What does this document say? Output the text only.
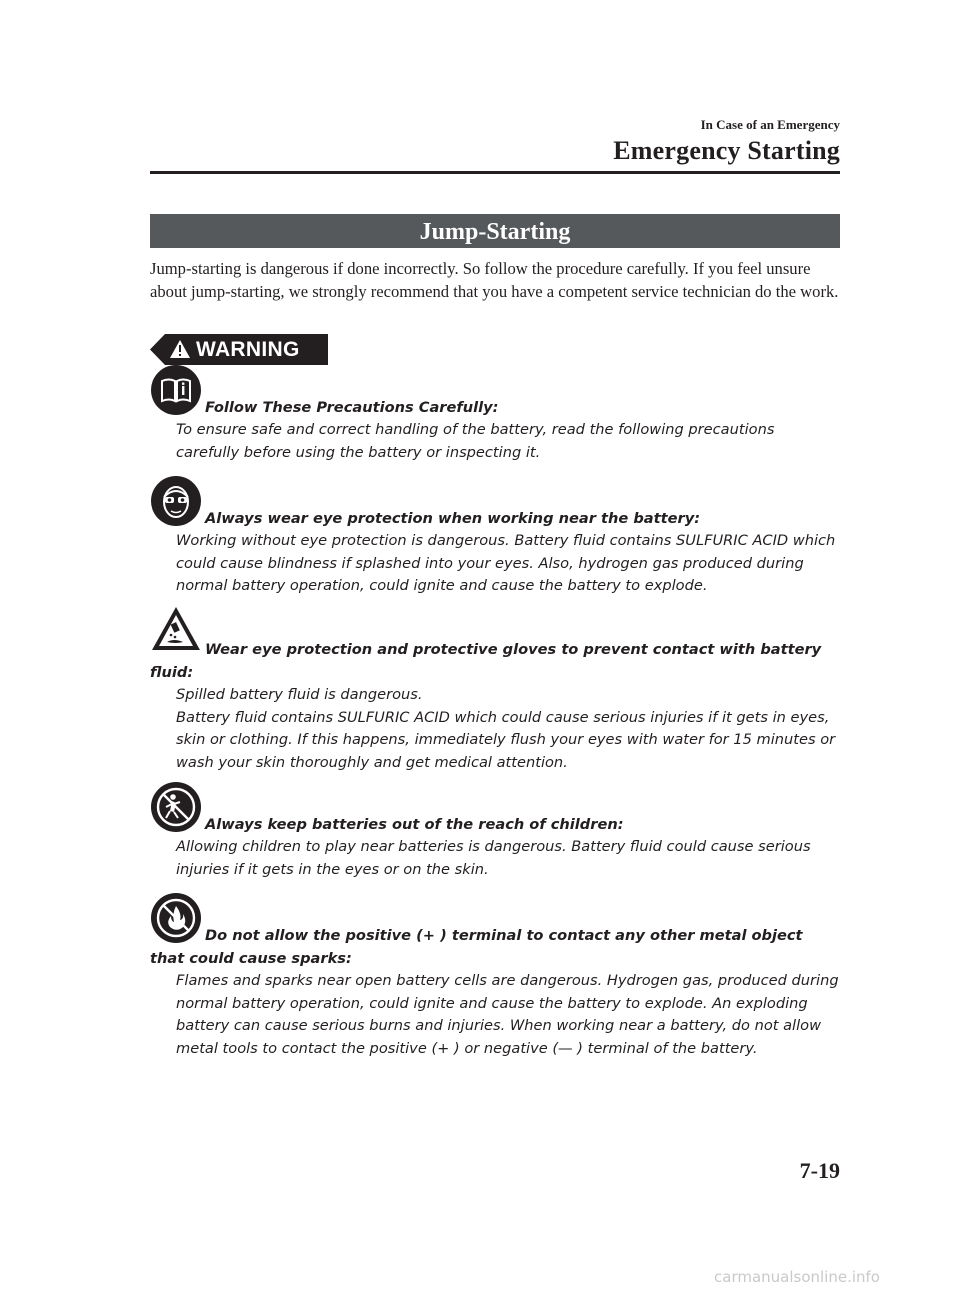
In Case of an Emergency
Emergency Starting
Jump-Starting
Jump-starting is dangerous if done incorrectly. So follow the procedure carefully. If you feel unsure about jump-starting, we strongly recommend that you have a competent service technician do the work.
WARNING
Follow These Precautions Carefully:

To ensure safe and correct handling of the battery, read the following precautions carefully before using the battery or inspecting it.

Always wear eye protection when working near the battery:

Working without eye protection is dangerous. Battery fluid contains SULFURIC ACID which could cause blindness if splashed into your eyes. Also, hydrogen gas produced during normal battery operation, could ignite and cause the battery to explode.

Wear eye protection and protective gloves to prevent contact with battery fluid:

Spilled battery fluid is dangerous.

Battery fluid contains SULFURIC ACID which could cause serious injuries if it gets in eyes, skin or clothing. If this happens, immediately flush your eyes with water for 15 minutes or wash your skin thoroughly and get medical attention.

Always keep batteries out of the reach of children:

Allowing children to play near batteries is dangerous. Battery fluid could cause serious injuries if it gets in the eyes or on the skin.

Do not allow the positive (+ ) terminal to contact any other metal object that could cause sparks:

Flames and sparks near open battery cells are dangerous. Hydrogen gas, produced during normal battery operation, could ignite and cause the battery to explode. An exploding battery can cause serious burns and injuries. When working near a battery, do not allow metal tools to contact the positive (+ ) or negative (— ) terminal of the battery.

7-19
carmanualsonline.info
